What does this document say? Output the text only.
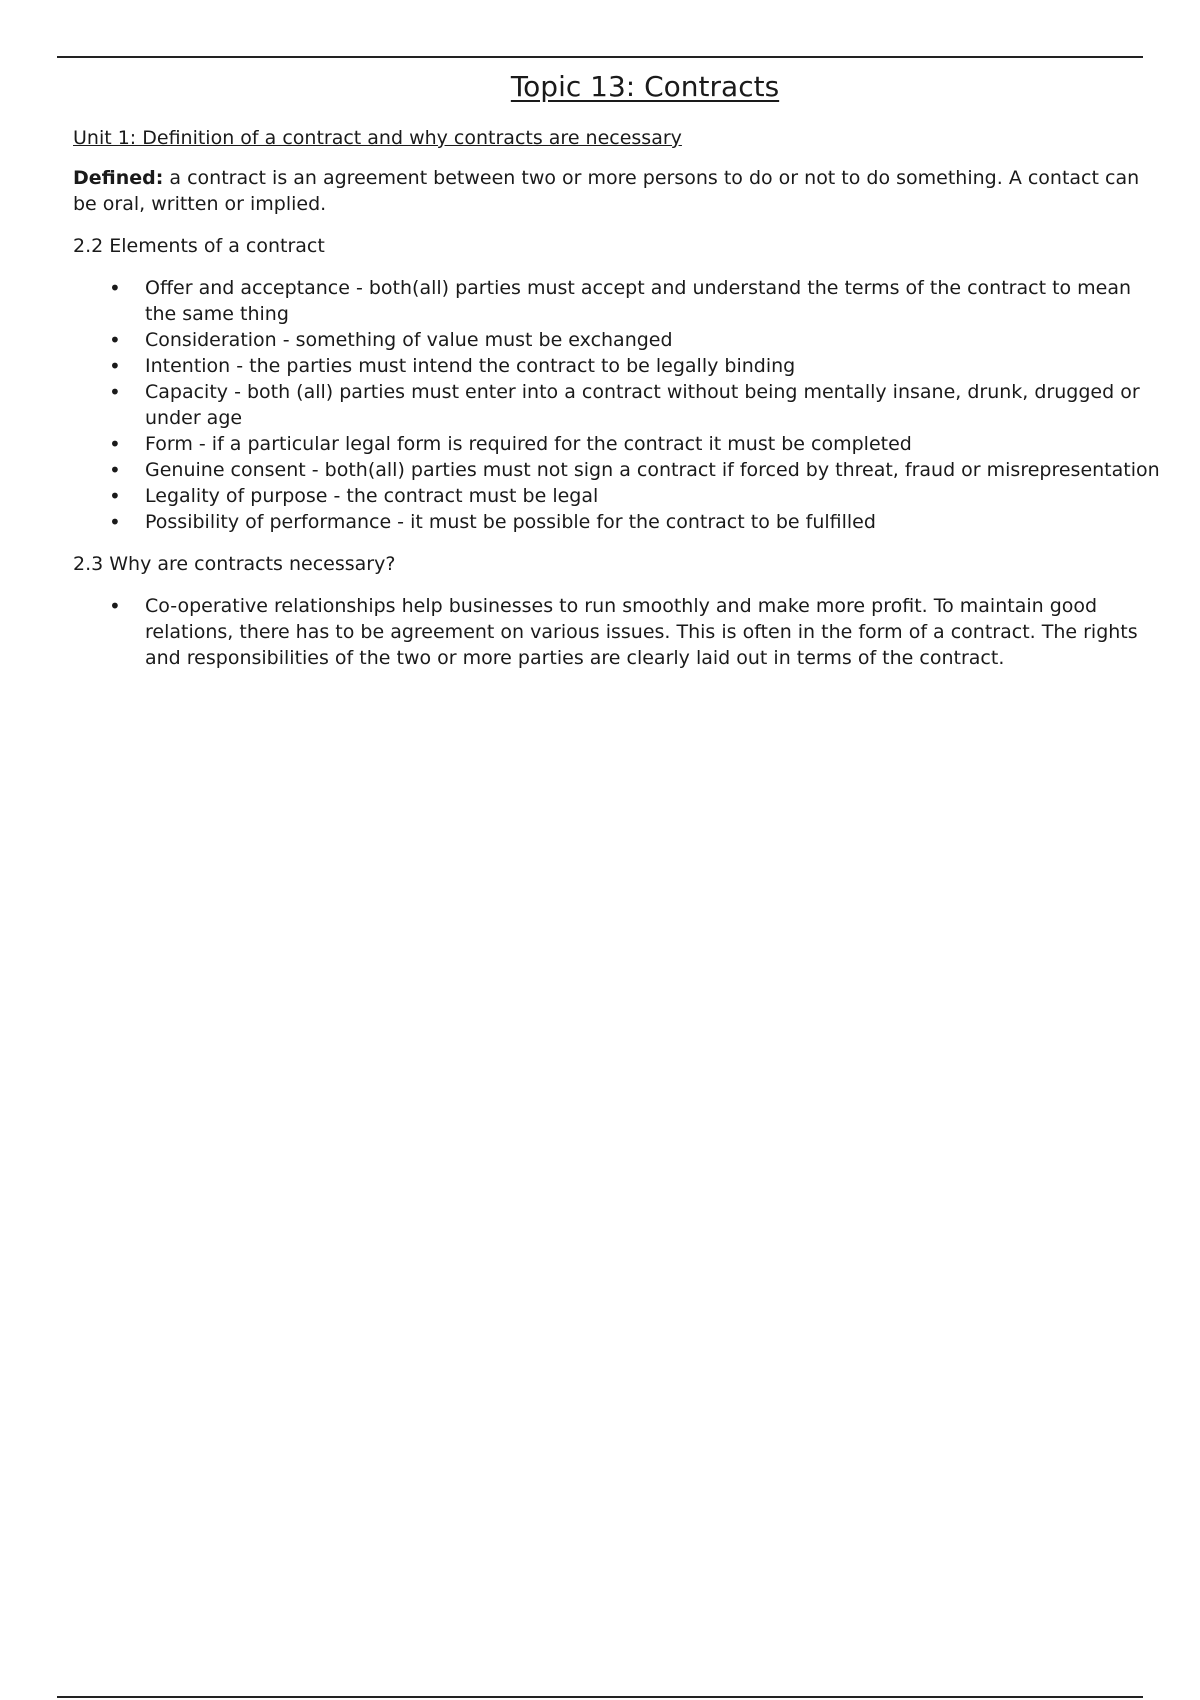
Topic 13: Contracts

Unit 1: Definition of a contract and why contracts are necessary

Defined: a contract is an agreement between two or more persons to do or not to do something. A contact can be oral, written or implied.

2.2 Elements of a contract

• Offer and acceptance - both(all) parties must accept and understand the terms of the contract to mean the same thing
• Consideration - something of value must be exchanged
• Intention - the parties must intend the contract to be legally binding
• Capacity - both (all) parties must enter into a contract without being mentally insane, drunk, drugged or under age
• Form - if a particular legal form is required for the contract it must be completed
• Genuine consent - both(all) parties must not sign a contract if forced by threat, fraud or misrepresentation
• Legality of purpose - the contract must be legal
• Possibility of performance - it must be possible for the contract to be fulfilled

2.3 Why are contracts necessary?

• Co-operative relationships help businesses to run smoothly and make more profit. To maintain good relations, there has to be agreement on various issues. This is often in the form of a contract. The rights and responsibilities of the two or more parties are clearly laid out in terms of the contract.
